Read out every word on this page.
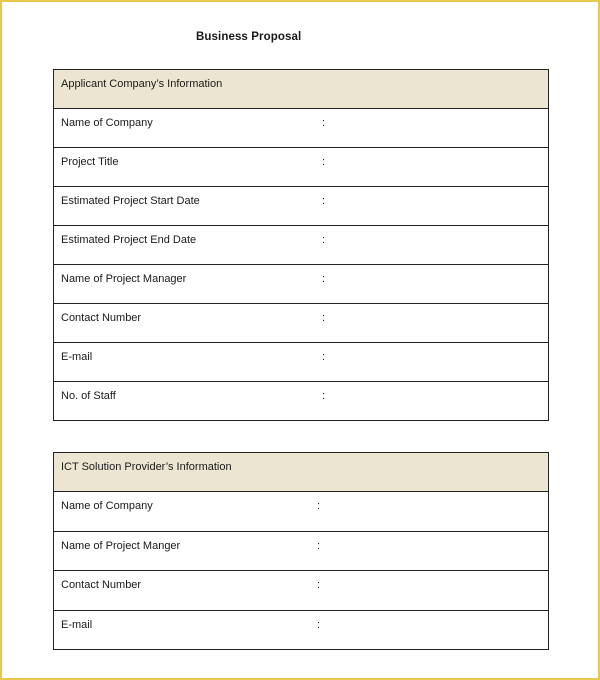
Business Proposal
Applicant Company’s Information

Name of Company	:

Project Title	:

Estimated Project Start Date	:

Estimated Project End Date	:

Name of Project Manager	:

Contact Number	:

E-mail	:

No. of Staff	:
ICT Solution Provider’s Information

Name of Company	:

Name of Project Manger	:

Contact Number	:

E-mail	:
